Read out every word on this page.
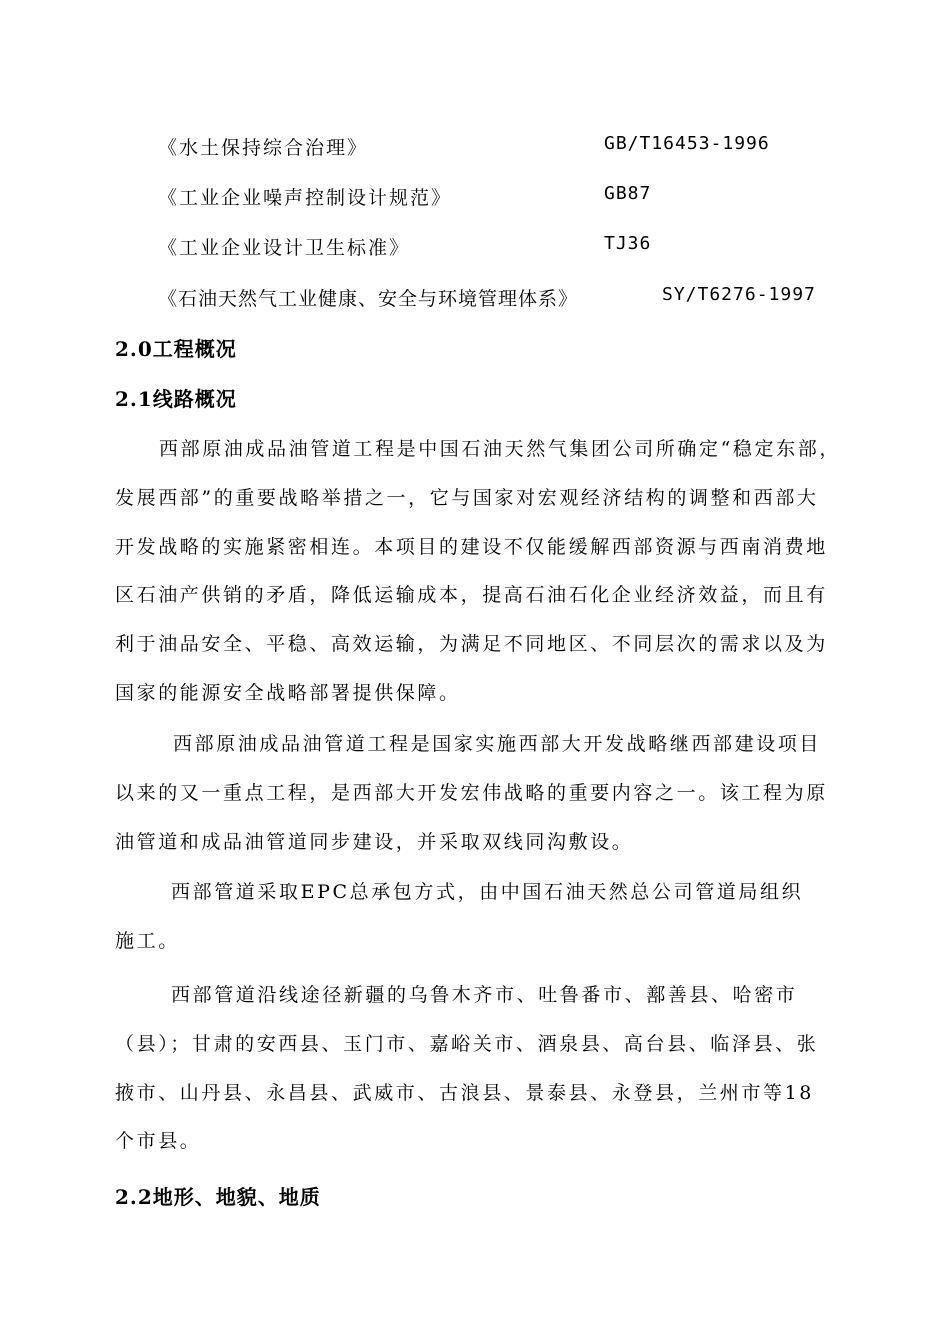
《水土保持综合治理》	GB/T16453-1996
《工业企业噪声控制设计规范》	GB87
《工业企业设计卫生标准》	TJ36
《石油天然气工业健康、安全与环境管理体系》	SY/T6276-1997
2.0工程概况
2.1线路概况
西部原油成品油管道工程是中国石油天然气集团公司所确定“稳定东部，
发展西部”的重要战略举措之一，它与国家对宏观经济结构的调整和西部大
开发战略的实施紧密相连。本项目的建设不仅能缓解西部资源与西南消费地
区石油产供销的矛盾，降低运输成本，提高石油石化企业经济效益，而且有
利于油品安全、平稳、高效运输，为满足不同地区、不同层次的需求以及为
国家的能源安全战略部署提供保障。
西部原油成品油管道工程是国家实施西部大开发战略继西部建设项目
以来的又一重点工程，是西部大开发宏伟战略的重要内容之一。该工程为原
油管道和成品油管道同步建设，并采取双线同沟敷设。
西部管道采取EPC总承包方式，由中国石油天然总公司管道局组织
施工。
西部管道沿线途径新疆的乌鲁木齐市、吐鲁番市、鄯善县、哈密市
（县）；甘肃的安西县、玉门市、嘉峪关市、酒泉县、高台县、临泽县、张
掖市、山丹县、永昌县、武威市、古浪县、景泰县、永登县，兰州市等18
个市县。
2.2地形、地貌、地质
